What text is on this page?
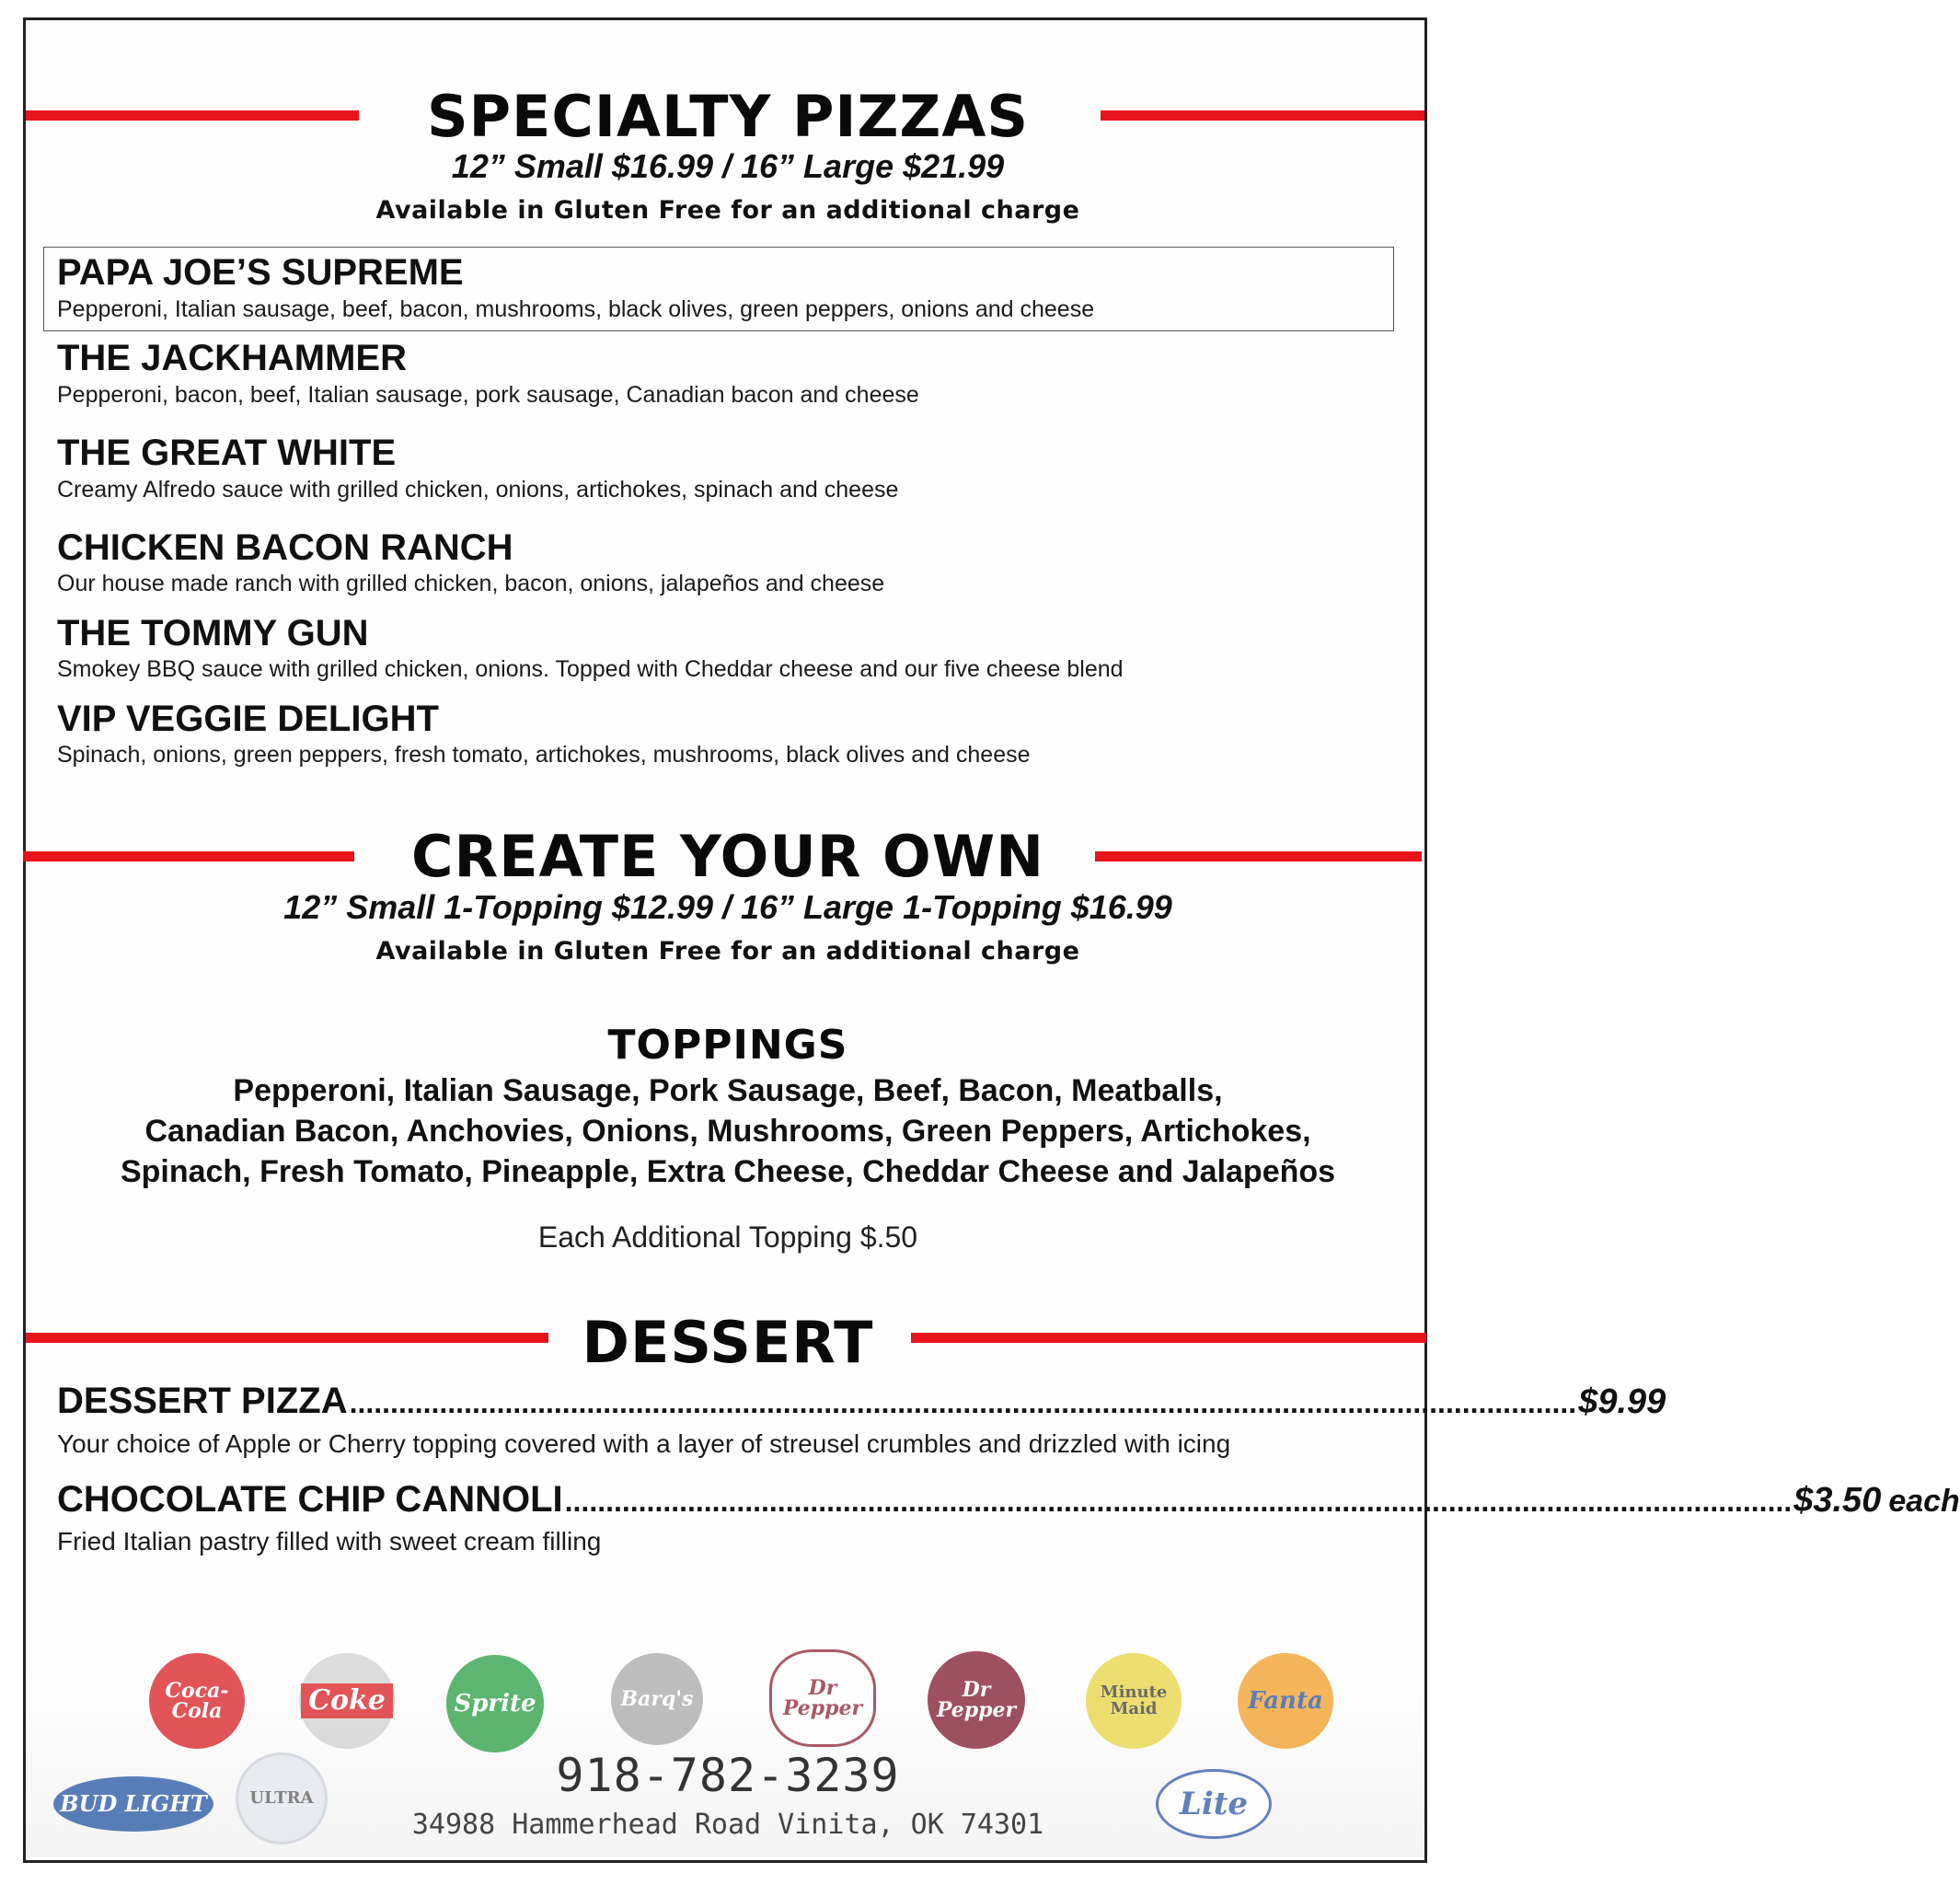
SPECIALTY PIZZAS
12” Small $16.99 / 16” Large $21.99
Available in Gluten Free for an additional charge
PAPA JOE’S SUPREME
Pepperoni, Italian sausage, beef, bacon, mushrooms, black olives, green peppers, onions and cheese
THE JACKHAMMER
Pepperoni, bacon, beef, Italian sausage, pork sausage, Canadian bacon and cheese
THE GREAT WHITE
Creamy Alfredo sauce with grilled chicken, onions, artichokes, spinach and cheese
CHICKEN BACON RANCH
Our house made ranch with grilled chicken, bacon, onions, jalapeños and cheese
THE TOMMY GUN
Smokey BBQ sauce with grilled chicken, onions. Topped with Cheddar cheese and our five cheese blend
VIP VEGGIE DELIGHT
Spinach, onions, green peppers, fresh tomato, artichokes, mushrooms, black olives and cheese
CREATE YOUR OWN
12” Small 1-Topping $12.99 / 16” Large 1-Topping $16.99
Available in Gluten Free for an additional charge
TOPPINGS
Pepperoni, Italian Sausage, Pork Sausage, Beef, Bacon, Meatballs,
Canadian Bacon, Anchovies, Onions, Mushrooms, Green Peppers, Artichokes,
Spinach, Fresh Tomato, Pineapple, Extra Cheese, Cheddar Cheese and Jalapeños
Each Additional Topping $.50
DESSERT
DESSERT PIZZA ...................................................................................................................................................... $9.99
Your choice of Apple or Cherry topping covered with a layer of streusel crumbles and drizzled with icing
CHOCOLATE CHIP CANNOLI ...................................................................................................................................................... $3.50 each
Fried Italian pastry filled with sweet cream filling
Coca-Cola	Coke	Sprite	Barq's	Dr Pepper
Dr Pepper
Minute Maid	Fanta
BUD LIGHT	ULTRA	Lite
918-782-3239
34988 Hammerhead Road Vinita, OK 74301
